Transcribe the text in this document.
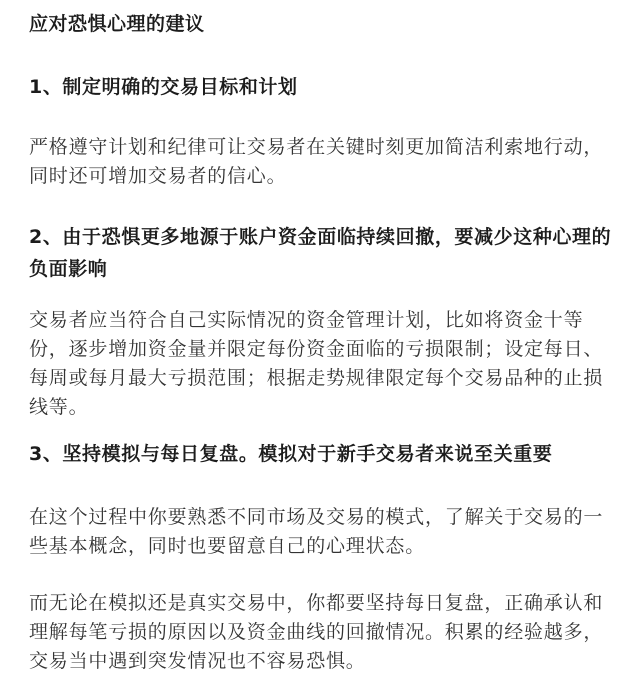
应对恐惧心理的建议
1、制定明确的交易目标和计划

严格遵守计划和纪律可让交易者在关键时刻更加简洁利索地行动，同时还可增加交易者的信心。

2、由于恐惧更多地源于账户资金面临持续回撤，要减少这种心理的负面影响

交易者应当符合自己实际情况的资金管理计划，比如将资金十等份，逐步增加资金量并限定每份资金面临的亏损限制；设定每日、每周或每月最大亏损范围；根据走势规律限定每个交易品种的止损线等。

3、坚持模拟与每日复盘。模拟对于新手交易者来说至关重要

在这个过程中你要熟悉不同市场及交易的模式，了解关于交易的一些基本概念，同时也要留意自己的心理状态。

而无论在模拟还是真实交易中，你都要坚持每日复盘，正确承认和理解每笔亏损的原因以及资金曲线的回撤情况。积累的经验越多，交易当中遇到突发情况也不容易恐惧。
